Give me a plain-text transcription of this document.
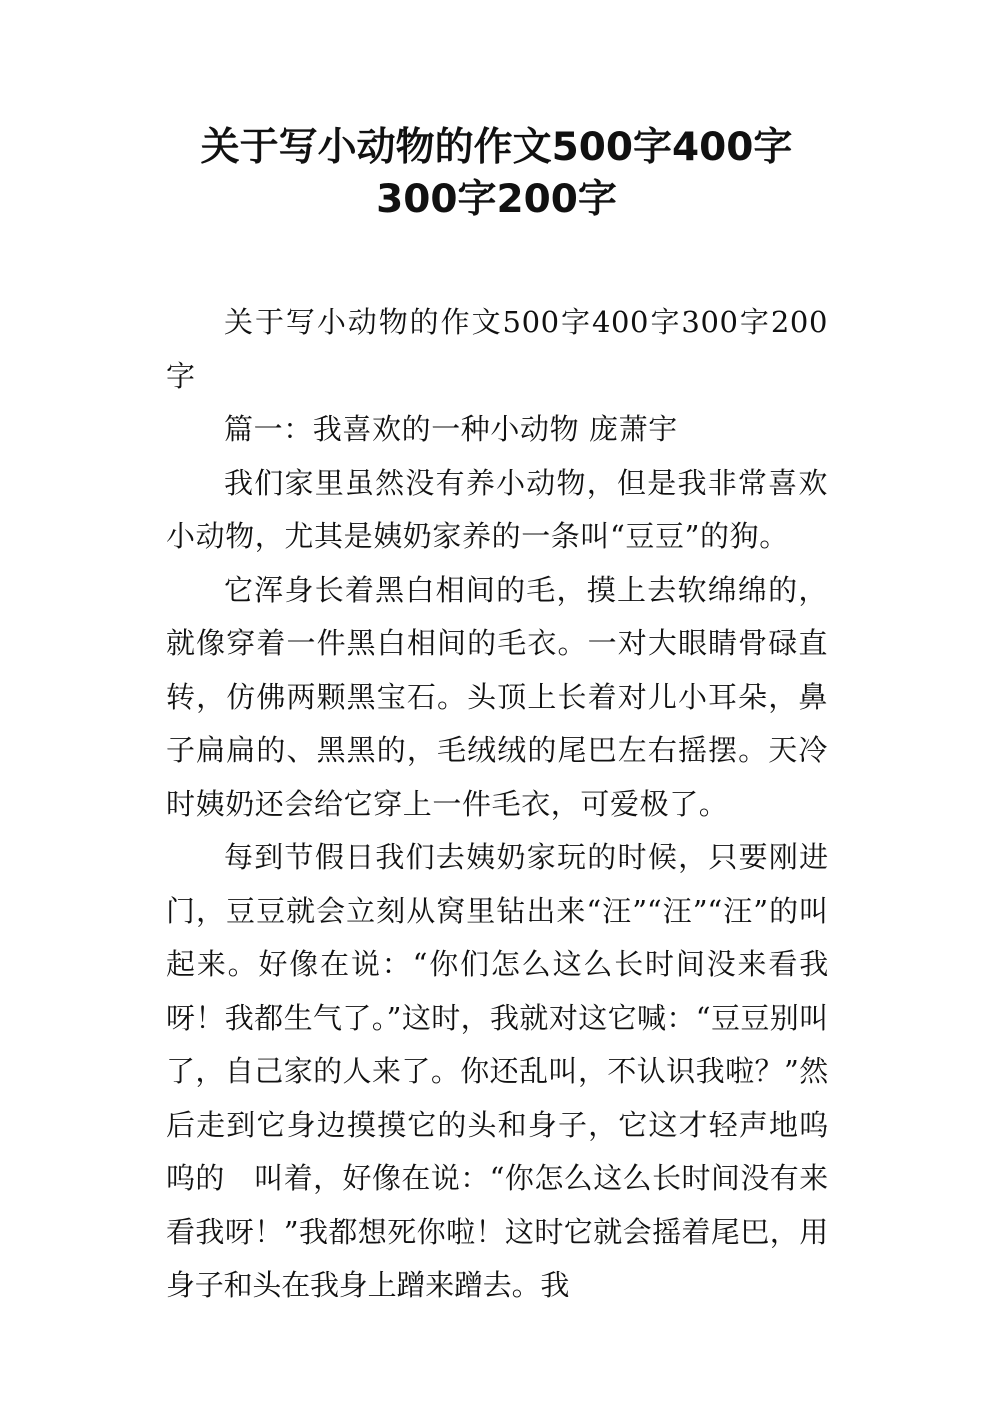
关于写小动物的作文500字400字
300字200字

关于写小动物的作文500字400字300字200字

篇一：我喜欢的一种小动物 庞萧宇

我们家里虽然没有养小动物，但是我非常喜欢小动物，尤其是姨奶家养的一条叫“豆豆”的狗。

它浑身长着黑白相间的毛，摸上去软绵绵的，就像穿着一件黑白相间的毛衣。一对大眼睛骨碌直转，仿佛两颗黑宝石。头顶上长着对儿小耳朵，鼻子扁扁的、黑黑的，毛绒绒的尾巴左右摇摆。天冷时姨奶还会给它穿上一件毛衣，可爱极了。

每到节假日我们去姨奶家玩的时候，只要刚进门，豆豆就会立刻从窝里钻出来“汪”“汪”“汪”的叫起来。好像在说：“你们怎么这么长时间没来看我呀！我都生气了。”这时，我就对这它喊：“豆豆别叫了，自己家的人来了。你还乱叫，不认识我啦？”然后走到它身边摸摸它的头和身子，它这才轻声地呜呜的　叫着，好像在说：“你怎么这么长时间没有来看我呀！”我都想死你啦！这时它就会摇着尾巴，用身子和头在我身上蹭来蹭去。我
